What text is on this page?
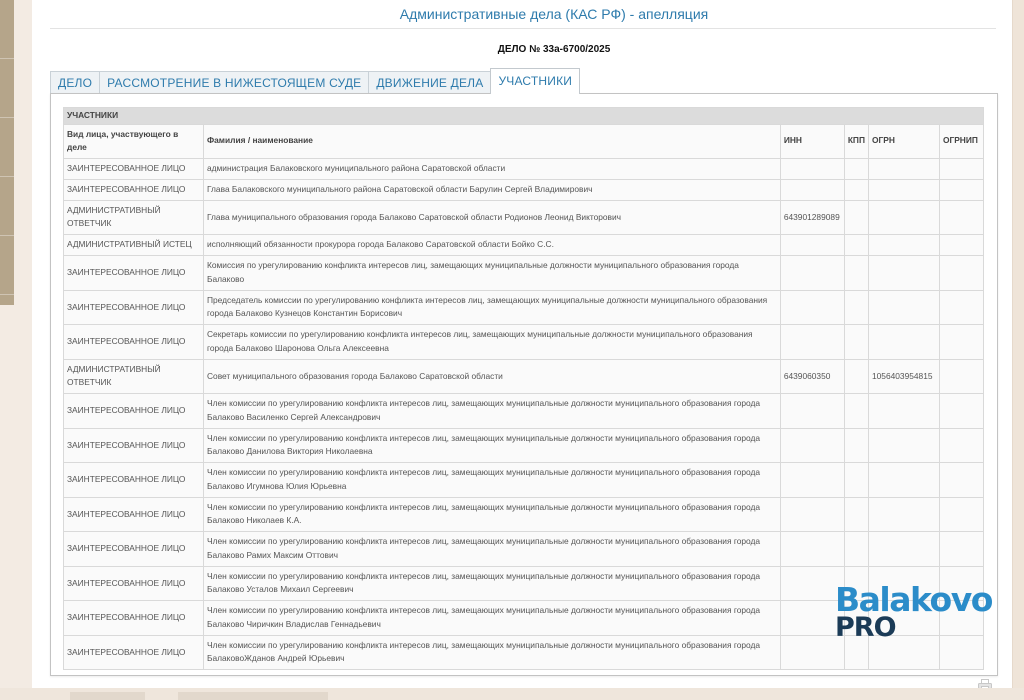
Административные дела (КАС РФ) - апелляция
ДЕЛО № 33а-6700/2025
ДЕЛО	РАССМОТРЕНИЕ В НИЖЕСТОЯЩЕМ СУДЕ	ДВИЖЕНИЕ ДЕЛА	УЧАСТНИКИ
УЧАСТНИКИ					
Вид лица, участвующего в деле	Фамилия / наименование	ИНН	КПП	ОГРН	ОГРНИП
ЗАИНТЕРЕСОВАННОЕ ЛИЦО	администрация Балаковского муниципального района Саратовской области				
ЗАИНТЕРЕСОВАННОЕ ЛИЦО	Глава Балаковского муниципального района Саратовской области Барулин Сергей Владимирович				
АДМИНИСТРАТИВНЫЙ ОТВЕТЧИК	Глава муниципального образования города Балаково Саратовской области Родионов Леонид Викторович	643901289089			
АДМИНИСТРАТИВНЫЙ ИСТЕЦ	исполняющий обязанности прокурора города Балаково Саратовской области Бойко С.С.				
ЗАИНТЕРЕСОВАННОЕ ЛИЦО	Комиссия по урегулированию конфликта интересов лиц, замещающих муниципальные должности муниципального образования города Балаково				
ЗАИНТЕРЕСОВАННОЕ ЛИЦО	Председатель комиссии по урегулированию конфликта интересов лиц, замещающих муниципальные должности муниципального образования города Балаково Кузнецов Константин Борисович				
ЗАИНТЕРЕСОВАННОЕ ЛИЦО	Секретарь комиссии по урегулированию конфликта интересов лиц, замещающих муниципальные должности муниципального образования города Балаково Шаронова Ольга Алексеевна				
АДМИНИСТРАТИВНЫЙ ОТВЕТЧИК	Совет муниципального образования города Балаково Саратовской области	6439060350		1056403954815	
ЗАИНТЕРЕСОВАННОЕ ЛИЦО	Член комиссии по урегулированию конфликта интересов лиц, замещающих муниципальные должности муниципального образования города Балаково Василенко Сергей Александрович				
ЗАИНТЕРЕСОВАННОЕ ЛИЦО	Член комиссии по урегулированию конфликта интересов лиц, замещающих муниципальные должности муниципального образования города Балаково Данилова Виктория Николаевна				
ЗАИНТЕРЕСОВАННОЕ ЛИЦО	Член комиссии по урегулированию конфликта интересов лиц, замещающих муниципальные должности муниципального образования города Балаково Игумнова Юлия Юрьевна				
ЗАИНТЕРЕСОВАННОЕ ЛИЦО	Член комиссии по урегулированию конфликта интересов лиц, замещающих муниципальные должности муниципального образования города Балаково Николаев К.А.				
ЗАИНТЕРЕСОВАННОЕ ЛИЦО	Член комиссии по урегулированию конфликта интересов лиц, замещающих муниципальные должности муниципального образования города Балаково Рамих Максим Оттович				
ЗАИНТЕРЕСОВАННОЕ ЛИЦО	Член комиссии по урегулированию конфликта интересов лиц, замещающих муниципальные должности муниципального образования города Балаково Усталов Михаил Сергеевич				
ЗАИНТЕРЕСОВАННОЕ ЛИЦО	Член комиссии по урегулированию конфликта интересов лиц, замещающих муниципальные должности муниципального образования города Балаково Чиричкин Владислав Геннадьевич				
ЗАИНТЕРЕСОВАННОЕ ЛИЦО	Член комиссии по урегулированию конфликта интересов лиц, замещающих муниципальные должности муниципального образования города БалаковоЖданов Андрей Юрьевич				
Balakovo
PRO
